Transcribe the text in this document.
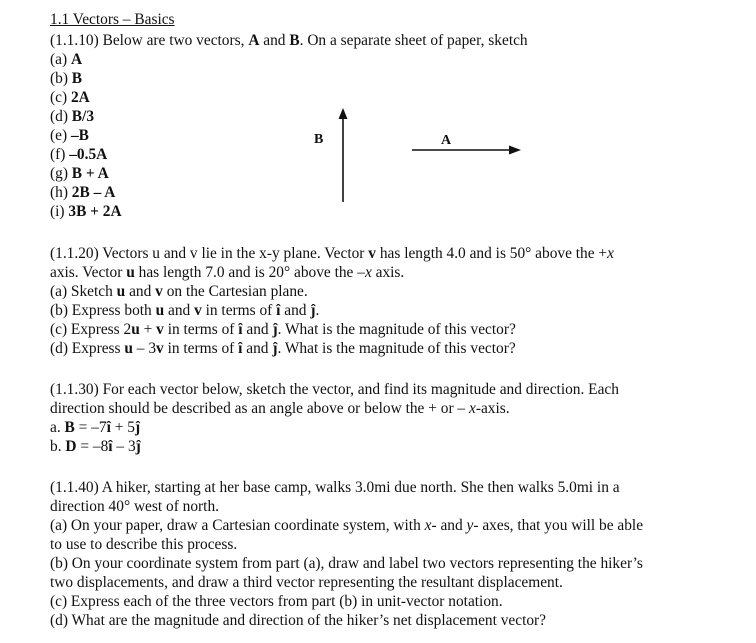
1.1 Vectors – Basics
(1.1.10) Below are two vectors, A and B. On a separate sheet of paper, sketch
(a) A
(b) B
(c) 2A
(d) B/3
(e) –B
(f) –0.5A
(g) B + A
(h) 2B – A
(i) 3B + 2A
B	A
(1.1.20) Vectors u and v lie in the x-y plane. Vector v has length 4.0 and is 50° above the +x
axis. Vector u has length 7.0 and is 20° above the –x axis.
(a) Sketch u and v on the Cartesian plane.
(b) Express both u and v in terms of î and ĵ.
(c) Express 2u + v in terms of î and ĵ. What is the magnitude of this vector?
(d) Express u – 3v in terms of î and ĵ. What is the magnitude of this vector?
(1.1.30) For each vector below, sketch the vector, and find its magnitude and direction. Each
direction should be described as an angle above or below the + or – x-axis.
a. B = –7î + 5ĵ
b. D = –8î – 3ĵ
(1.1.40) A hiker, starting at her base camp, walks 3.0mi due north. She then walks 5.0mi in a
direction 40° west of north.
(a) On your paper, draw a Cartesian coordinate system, with x- and y- axes, that you will be able
to use to describe this process.
(b) On your coordinate system from part (a), draw and label two vectors representing the hiker’s
two displacements, and draw a third vector representing the resultant displacement.
(c) Express each of the three vectors from part (b) in unit-vector notation.
(d) What are the magnitude and direction of the hiker’s net displacement vector?
